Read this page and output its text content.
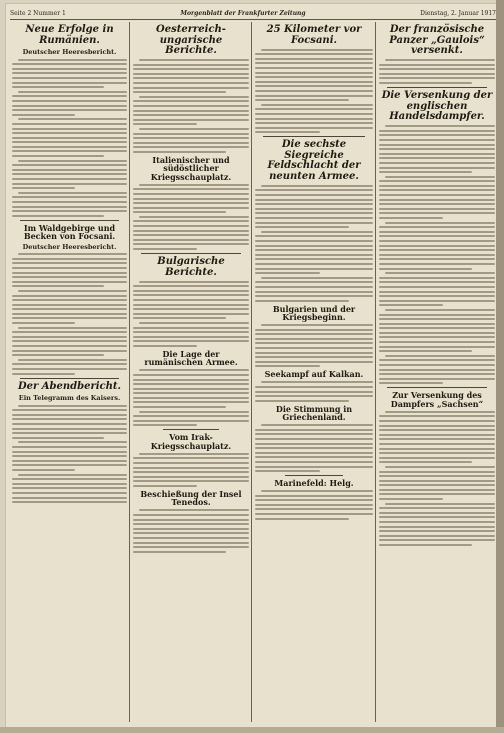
Seite 2 Nummer 1	Morgenblatt der Frankfurter Zeitung	Dienstag, 2. Januar 1917
Neue Erfolge in Rumänien.
Deutscher Heeresbericht.
Im Waldgebirge und Becken von Focsani.
Deutscher Heeresbericht.
Der Abendbericht.
Ein Telegramm des Kaisers.
Oesterreich-ungarische Berichte.
Italienischer und südöstlicher Kriegsschauplatz.
Bulgarische Berichte.
Die Lage der rumänischen Armee.
Vom Irak-Kriegsschauplatz.
Beschießung der Insel Tenedos.
25 Kilometer vor Focsani.
Die sechste Siegreiche Feldschlacht der neunten Armee.
Bulgarien und der Kriegsbeginn.
Seekampf auf Kalkan.
Die Stimmung in Griechenland.
Marinefeld: Helg.
Der französische Panzer „Gaulois“ versenkt.
Die Versenkung der englischen Handelsdampfer.
Zur Versenkung des Dampfers „Sachsen“
